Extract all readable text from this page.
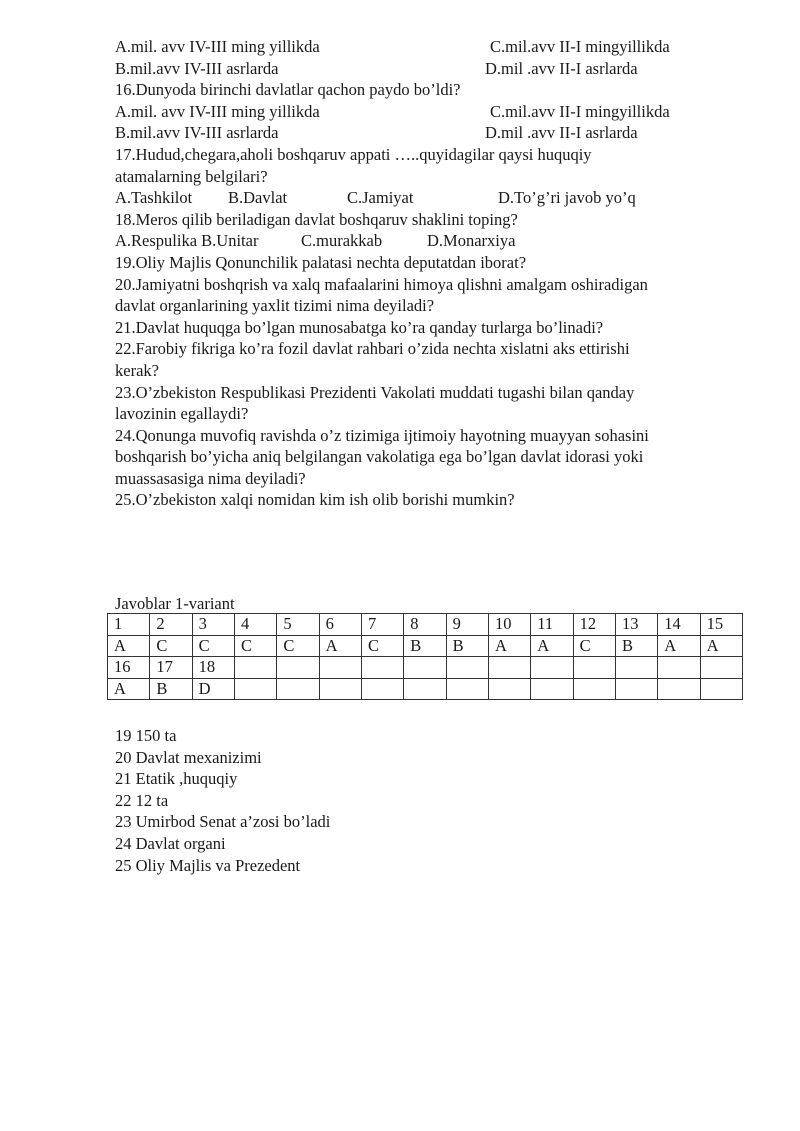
A.mil. avv IV-III ming yillikda	C.mil.avv II-I mingyillikda
B.mil.avv IV-III asrlarda	D.mil .avv II-I asrlarda
16.Dunyoda birinchi davlatlar qachon paydo bo’ldi?
A.mil. avv IV-III ming yillikda	C.mil.avv II-I mingyillikda
B.mil.avv IV-III asrlarda	D.mil .avv II-I asrlarda
17.Hudud,chegara,aholi boshqaruv appati …..quyidagilar qaysi huquqiy
atamalarning belgilari?
A.Tashkilot B.Davlat	C.Jamiyat	D.To’g’ri javob yo’q
18.Meros qilib beriladigan davlat boshqaruv shaklini toping?
A.Respulika B.Unitar	C.murakkab	D.Monarxiya
19.Oliy Majlis Qonunchilik palatasi nechta deputatdan iborat?
20.Jamiyatni boshqrish va xalq mafaalarini himoya qlishni amalgam oshiradigan
davlat organlarining yaxlit tizimi nima deyiladi?
21.Davlat huquqga bo’lgan munosabatga ko’ra qanday turlarga bo’linadi?
22.Farobiy fikriga ko’ra fozil davlat rahbari o’zida nechta xislatni aks ettirishi
kerak?
23.O’zbekiston Respublikasi Prezidenti Vakolati muddati tugashi bilan qanday
lavozinin egallaydi?
24.Qonunga muvofiq ravishda o’z tizimiga ijtimoiy hayotning muayyan sohasini
boshqarish bo’yicha aniq belgilangan vakolatiga ega bo’lgan davlat idorasi yoki
muassasasiga nima deyiladi?
25.O’zbekiston xalqi nomidan kim ish olib borishi mumkin?
Javoblar 1-variant
1	2	3	4	5	6	7	8	9	10	11	12	13	14	15
A	C	C	C	C	A	C	B	B	A	A	C	B	A	A
16	17	18												
A	B	D												
19 150 ta
20 Davlat mexanizimi
21 Etatik ,huquqiy
22 12 ta
23 Umirbod Senat a’zosi bo’ladi
24 Davlat organi
25 Oliy Majlis va Prezedent
